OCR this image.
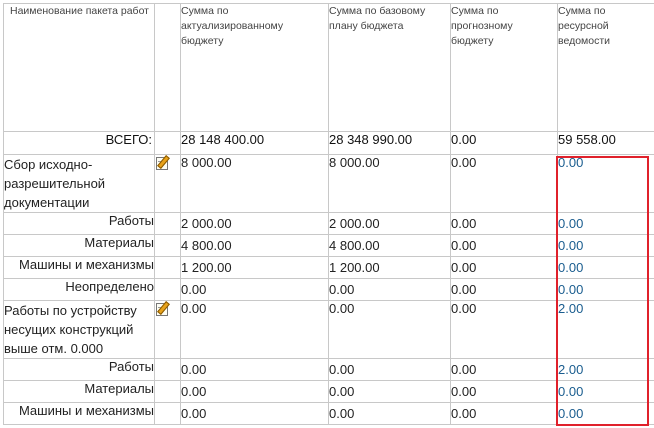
Наименование пакета работ		Сумма по актуализированному бюджету	Сумма по базовому плану бюджета	Сумма по прогнозному бюджету	Сумма по ресурсной ведомости
ВСЕГО:		28 148 400.00	28 348 990.00	0.00	59 558.00
Сбор исходно-разрешительной документации		8 000.00	8 000.00	0.00	0.00
Работы		2 000.00	2 000.00	0.00	0.00
Материалы		4 800.00	4 800.00	0.00	0.00
Машины и механизмы		1 200.00	1 200.00	0.00	0.00
Неопределено		0.00	0.00	0.00	0.00
Работы по устройству несущих конструкций выше отм. 0.000		0.00	0.00	0.00	2.00
Работы		0.00	0.00	0.00	2.00
Материалы		0.00	0.00	0.00	0.00
Машины и механизмы		0.00	0.00	0.00	0.00
